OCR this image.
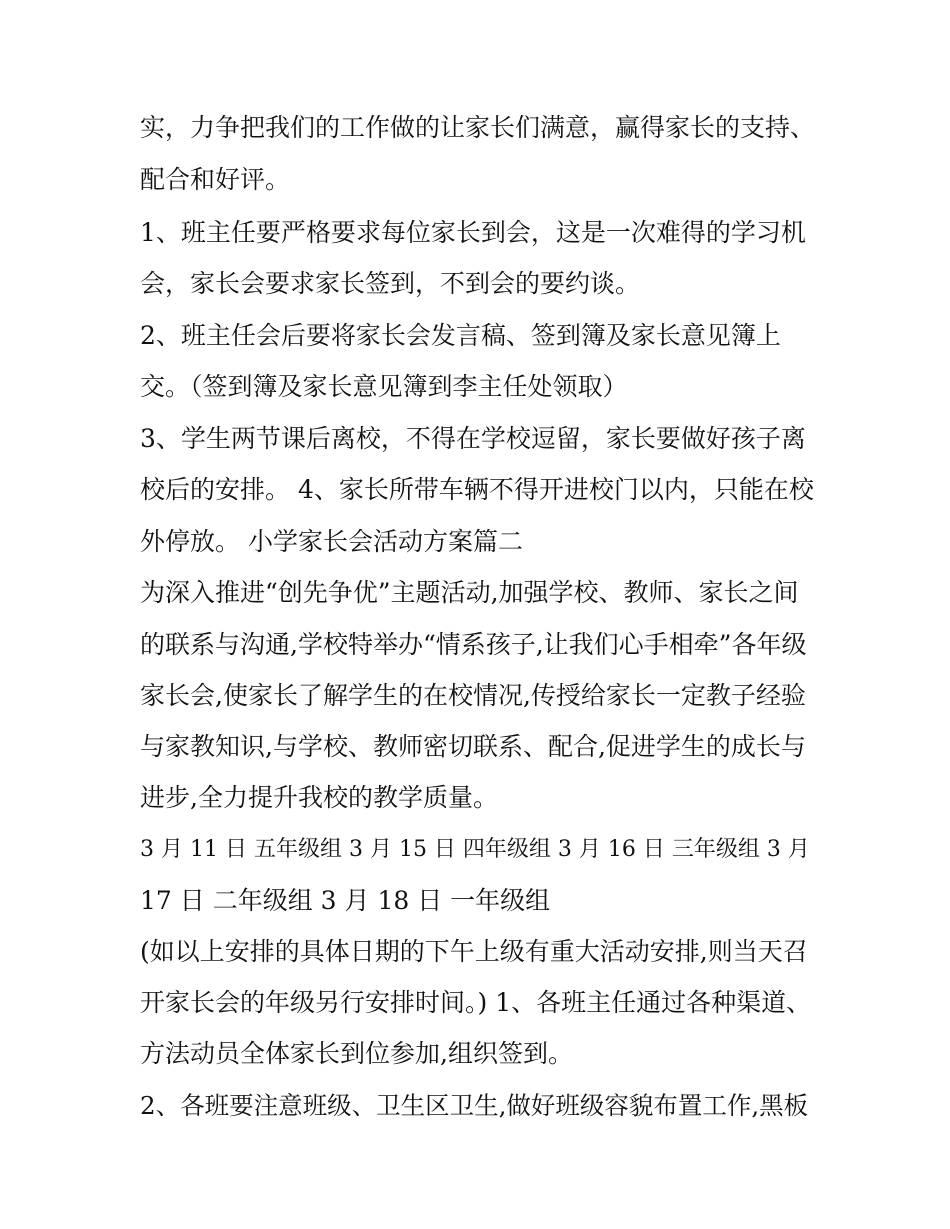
实，力争把我们的工作做的让家长们满意，赢得家长的支持、
配合和好评。
1、班主任要严格要求每位家长到会，这是一次难得的学习机
会，家长会要求家长签到，不到会的要约谈。
2、班主任会后要将家长会发言稿、签到簿及家长意见簿上
交。（签到簿及家长意见簿到李主任处领取）
3、学生两节课后离校，不得在学校逗留，家长要做好孩子离
校后的安排。 4、家长所带车辆不得开进校门以内，只能在校
外停放。 小学家长会活动方案篇二
为深入推进“创先争优”主题活动,加强学校、教师、家长之间
的联系与沟通,学校特举办“情系孩子,让我们心手相牵”各年级
家长会,使家长了解学生的在校情况,传授给家长一定教子经验
与家教知识,与学校、教师密切联系、配合,促进学生的成长与
进步,全力提升我校的教学质量。
3 月 11 日 五年级组 3 月 15 日 四年级组 3 月 16 日 三年级组 3 月
17 日 二年级组 3 月 18 日 一年级组
(如以上安排的具体日期的下午上级有重大活动安排,则当天召
开家长会的年级另行安排时间。) 1、各班主任通过各种渠道、
方法动员全体家长到位参加,组织签到。
2、各班要注意班级、卫生区卫生,做好班级容貌布置工作,黑板
